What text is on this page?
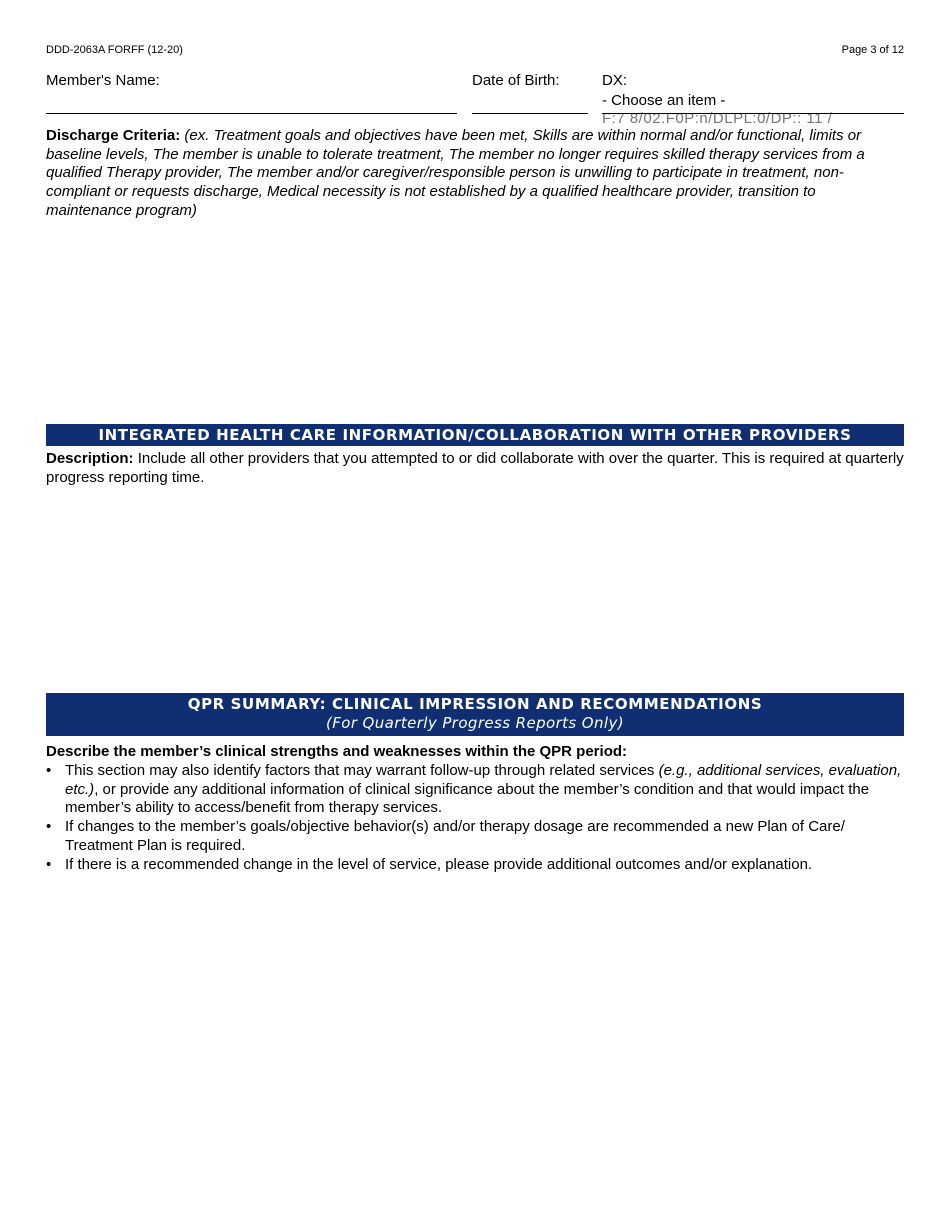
DDD-2063A FORFF (12-20)	Page 3 of 12
Member's Name:	Date of Birth:	DX:
- Choose an item -
F:7 8/02.F0P:n/DLPL:0/DP:: 11 /
Discharge Criteria: (ex. Treatment goals and objectives have been met, Skills are within normal and/or functional, limits or baseline levels, The member is unable to tolerate treatment, The member no longer requires skilled therapy services from a qualified Therapy provider, The member and/or caregiver/responsible person is unwilling to participate in treatment, non-compliant or requests discharge, Medical necessity is not established by a qualified healthcare provider, transition to maintenance program)
INTEGRATED HEALTH CARE INFORMATION/COLLABORATION WITH OTHER PROVIDERS
Description: Include all other providers that you attempted to or did collaborate with over the quarter. This is required at quarterly progress reporting time.
QPR SUMMARY: CLINICAL IMPRESSION AND RECOMMENDATIONS
(For Quarterly Progress Reports Only)
Describe the member’s clinical strengths and weaknesses within the QPR period:
• This section may also identify factors that may warrant follow-up through related services (e.g., additional services, evaluation, etc.), or provide any additional information of clinical significance about the member’s condition and that would impact the member’s ability to access/benefit from therapy services.
• If changes to the member’s goals/objective behavior(s) and/or therapy dosage are recommended a new Plan of Care/ Treatment Plan is required.
• If there is a recommended change in the level of service, please provide additional outcomes and/or explanation.
